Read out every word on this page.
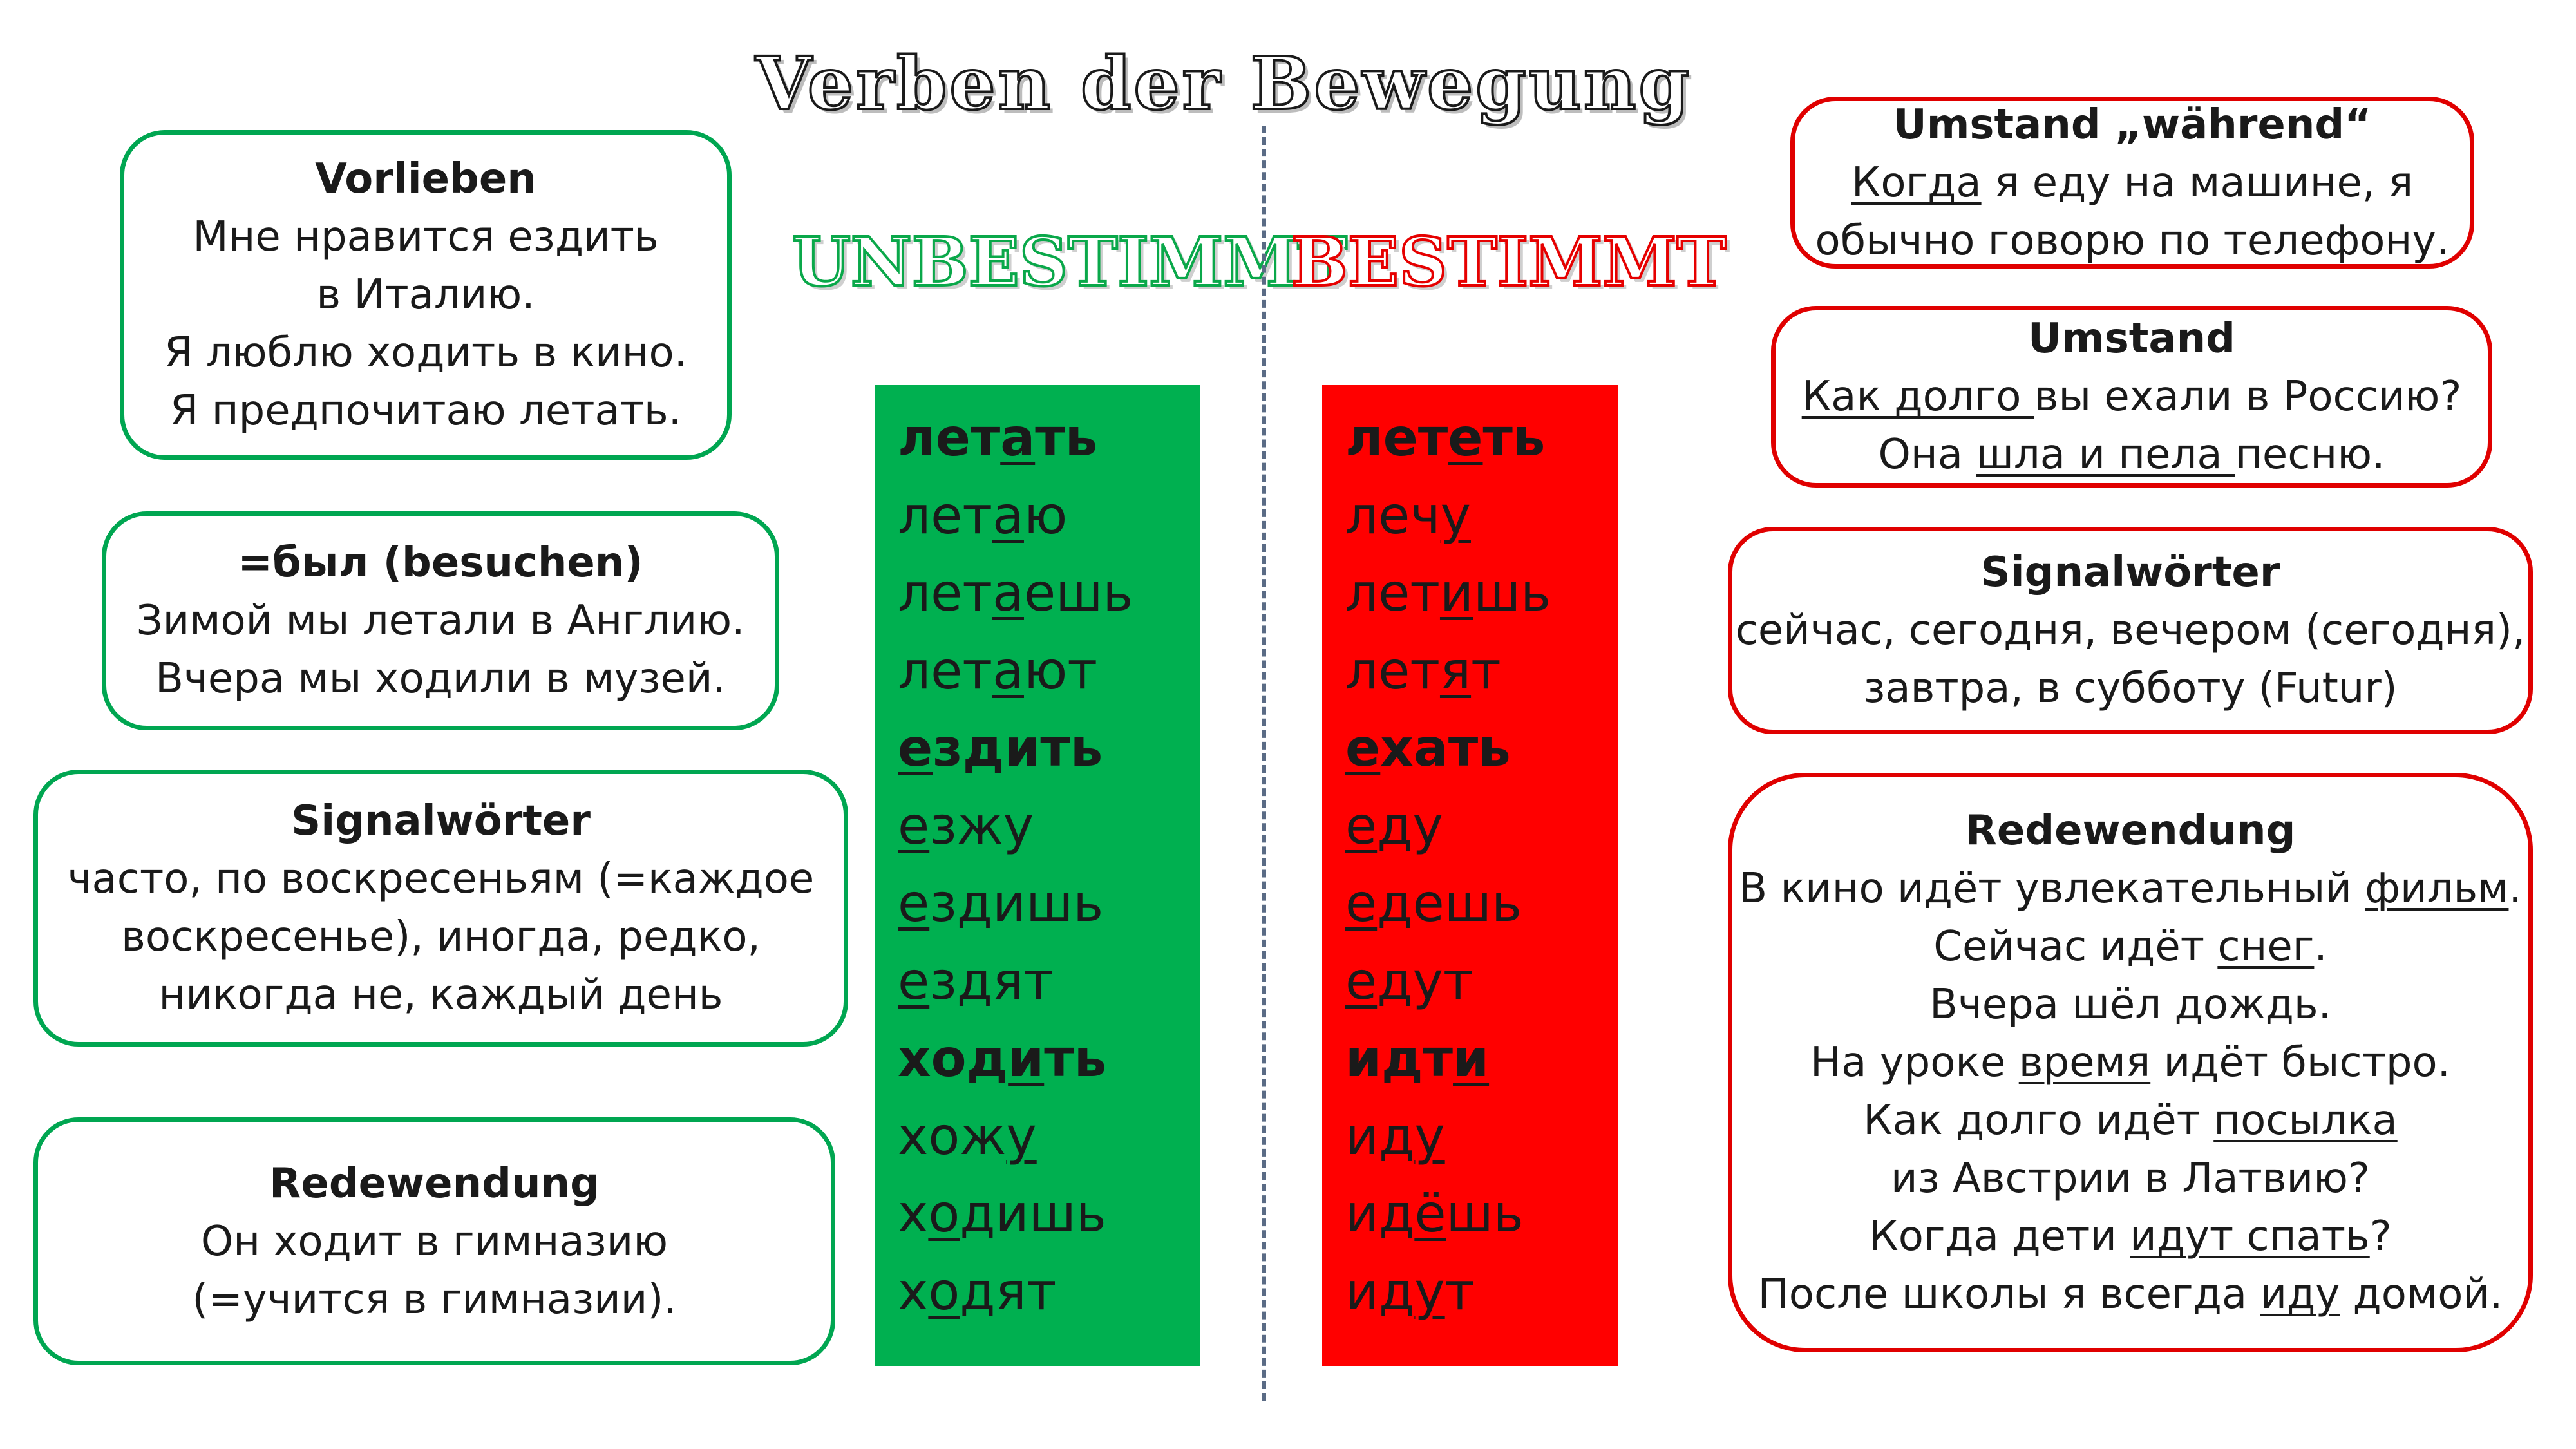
Verben der Bewegung
UNBESTIMMT
BESTIMMT
летать
летаю
летаешь
летают
ездить
езжу
ездишь
ездят
ходить
хожу
ходишь
ходят
лететь
лечу
летишь
летят
ехать
еду
едешь
едут
идти
иду
идёшь
идут
Vorlieben
Мне нравится ездить
в Италию.
Я люблю ходить в кино.
Я предпочитаю летать.
=был (besuchen)
Зимой мы летали в Англию.
Вчера мы ходили в музей.
Signalwörter
часто, по воскресеньям (=каждое
воскресенье), иногда, редко,
никогда не, каждый день
Redewendung
Он ходит в гимназию
(=учится в гимназии).
Umstand „während“
Когда я еду на машине, я
обычно говорю по телефону.
Umstand
Как долго вы ехали в Россию?
Она шла и пела песню.
Signalwörter
сейчас, сегодня, вечером (сегодня),
завтра, в субботу (Futur)
Redewendung
В кино идёт увлекательный фильм.
Сейчас идёт снег.
Вчера шёл дождь.
На уроке время идёт быстро.
Как долго идёт посылка
из Австрии в Латвию?
Когда дети идут спать?
После школы я всегда иду домой.
